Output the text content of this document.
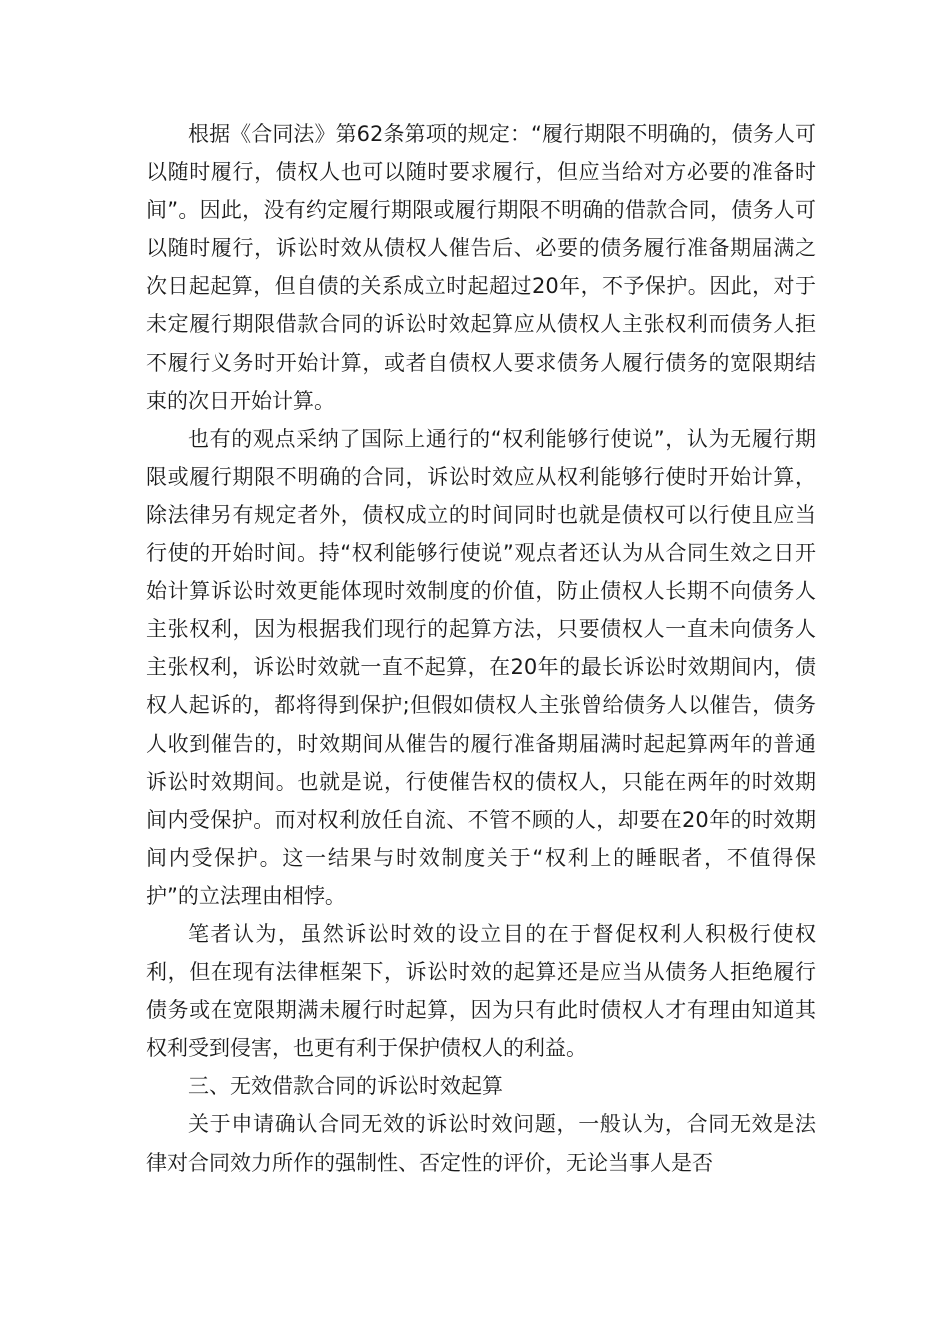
根据《合同法》第62条第项的规定：“履行期限不明确的，债务人可以随时履行，债权人也可以随时要求履行，但应当给对方必要的准备时间”。因此，没有约定履行期限或履行期限不明确的借款合同，债务人可以随时履行，诉讼时效从债权人催告后、必要的债务履行准备期届满之次日起起算，但自债的关系成立时起超过20年，不予保护。因此，对于未定履行期限借款合同的诉讼时效起算应从债权人主张权利而债务人拒不履行义务时开始计算，或者自债权人要求债务人履行债务的宽限期结束的次日开始计算。

也有的观点采纳了国际上通行的“权利能够行使说”，认为无履行期限或履行期限不明确的合同，诉讼时效应从权利能够行使时开始计算，除法律另有规定者外，债权成立的时间同时也就是债权可以行使且应当行使的开始时间。持“权利能够行使说”观点者还认为从合同生效之日开始计算诉讼时效更能体现时效制度的价值，防止债权人长期不向债务人主张权利，因为根据我们现行的起算方法，只要债权人一直未向债务人主张权利，诉讼时效就一直不起算，在20年的最长诉讼时效期间内，债权人起诉的，都将得到保护;但假如债权人主张曾给债务人以催告，债务人收到催告的，时效期间从催告的履行准备期届满时起起算两年的普通诉讼时效期间。也就是说，行使催告权的债权人，只能在两年的时效期间内受保护。而对权利放任自流、不管不顾的人，却要在20年的时效期间内受保护。这一结果与时效制度关于“权利上的睡眠者，不值得保护”的立法理由相悖。

笔者认为，虽然诉讼时效的设立目的在于督促权利人积极行使权利，但在现有法律框架下，诉讼时效的起算还是应当从债务人拒绝履行债务或在宽限期满未履行时起算，因为只有此时债权人才有理由知道其权利受到侵害，也更有利于保护债权人的利益。

三、无效借款合同的诉讼时效起算

关于申请确认合同无效的诉讼时效问题，一般认为，合同无效是法律对合同效力所作的强制性、否定性的评价，无论当事人是否
